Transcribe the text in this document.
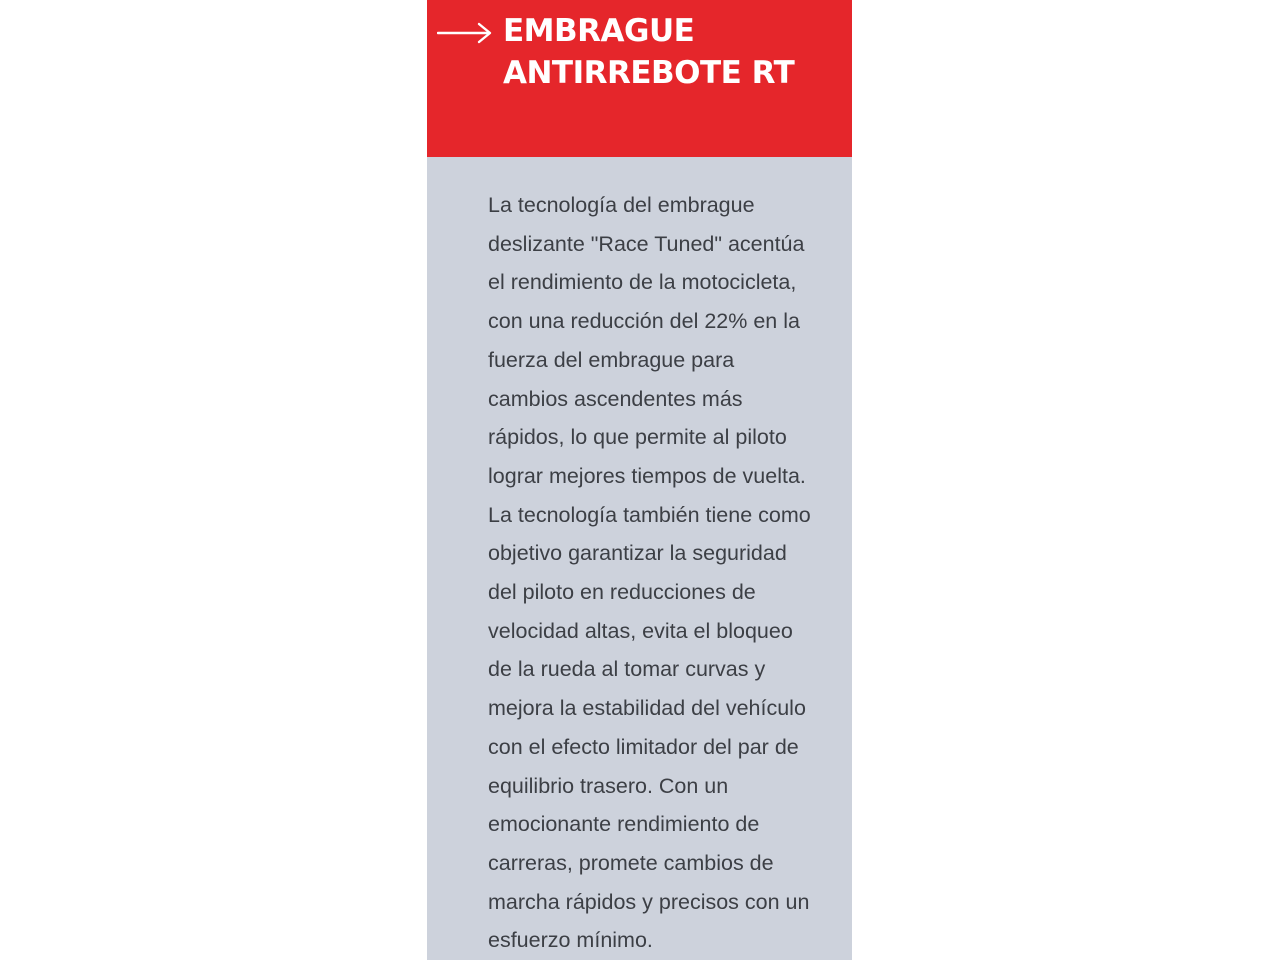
EMBRAGUE
ANTIRREBOTE RT

La tecnología del embrague
deslizante "Race Tuned" acentúa
el rendimiento de la motocicleta,
con una reducción del 22% en la
fuerza del embrague para
cambios ascendentes más
rápidos, lo que permite al piloto
lograr mejores tiempos de vuelta.
La tecnología también tiene como
objetivo garantizar la seguridad
del piloto en reducciones de
velocidad altas, evita el bloqueo
de la rueda al tomar curvas y
mejora la estabilidad del vehículo
con el efecto limitador del par de
equilibrio trasero. Con un
emocionante rendimiento de
carreras, promete cambios de
marcha rápidos y precisos con un
esfuerzo mínimo.
